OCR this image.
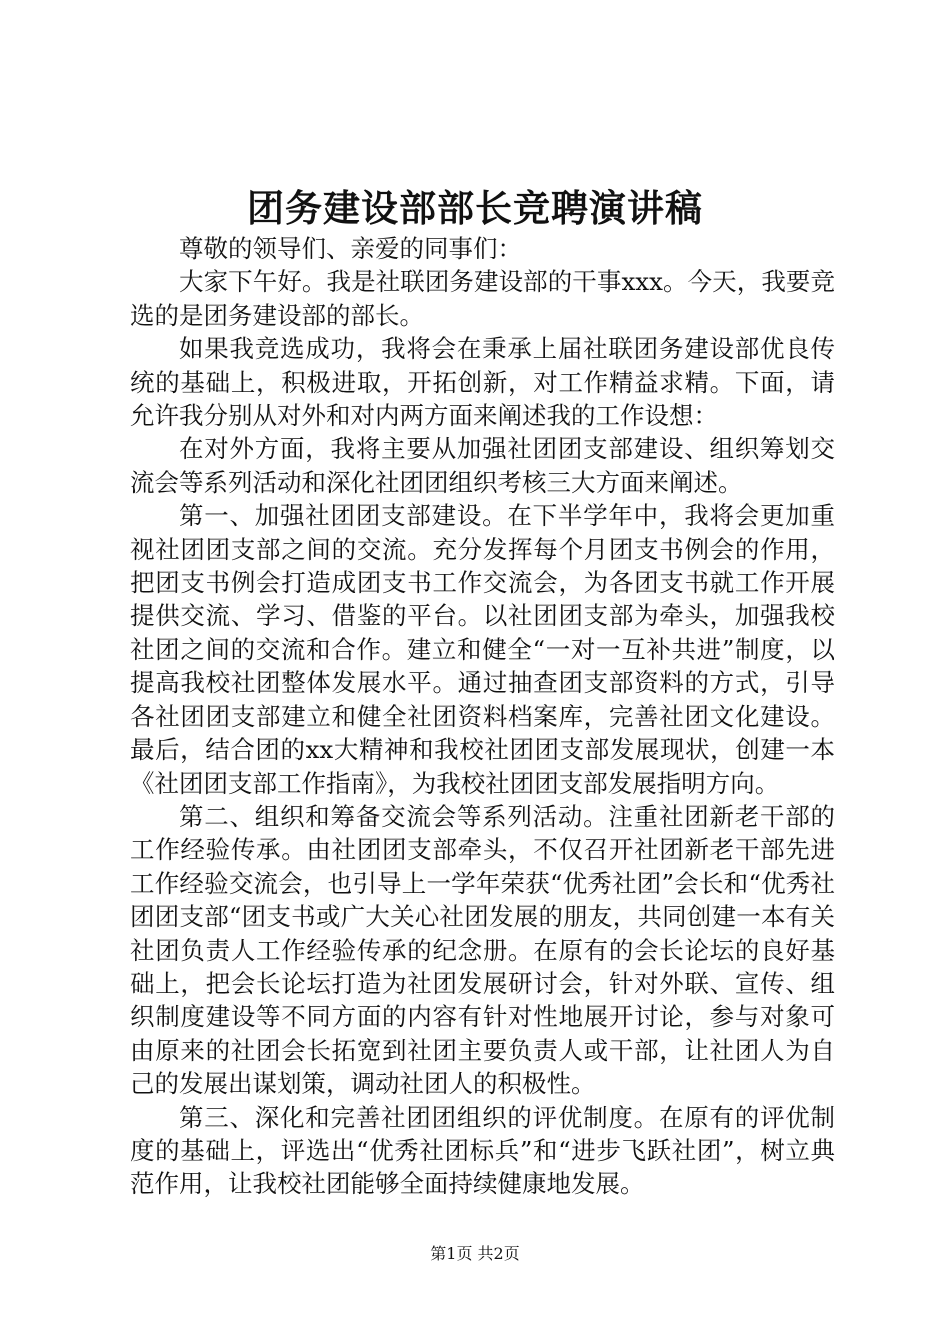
团务建设部部长竞聘演讲稿

尊敬的领导们、亲爱的同事们：

大家下午好。我是社联团务建设部的干事xxx。今天，我要竞选的是团务建设部的部长。

如果我竞选成功，我将会在秉承上届社联团务建设部优良传统的基础上，积极进取，开拓创新，对工作精益求精。下面，请允许我分别从对外和对内两方面来阐述我的工作设想：

在对外方面，我将主要从加强社团团支部建设、组织筹划交流会等系列活动和深化社团团组织考核三大方面来阐述。

第一、加强社团团支部建设。在下半学年中，我将会更加重视社团团支部之间的交流。充分发挥每个月团支书例会的作用，把团支书例会打造成团支书工作交流会，为各团支书就工作开展提供交流、学习、借鉴的平台。以社团团支部为牵头，加强我校社团之间的交流和合作。建立和健全“一对一互补共进”制度，以提高我校社团整体发展水平。通过抽查团支部资料的方式，引导各社团团支部建立和健全社团资料档案库，完善社团文化建设。最后，结合团的xx大精神和我校社团团支部发展现状，创建一本《社团团支部工作指南》，为我校社团团支部发展指明方向。

第二、组织和筹备交流会等系列活动。注重社团新老干部的工作经验传承。由社团团支部牵头，不仅召开社团新老干部先进工作经验交流会，也引导上一学年荣获“优秀社团”会长和“优秀社团团支部“团支书或广大关心社团发展的朋友，共同创建一本有关社团负责人工作经验传承的纪念册。在原有的会长论坛的良好基础上，把会长论坛打造为社团发展研讨会，针对外联、宣传、组织制度建设等不同方面的内容有针对性地展开讨论，参与对象可由原来的社团会长拓宽到社团主要负责人或干部，让社团人为自己的发展出谋划策，调动社团人的积极性。

第三、深化和完善社团团组织的评优制度。在原有的评优制度的基础上，评选出“优秀社团标兵”和“进步飞跃社团”，树立典范作用，让我校社团能够全面持续健康地发展。

第1页 共2页
